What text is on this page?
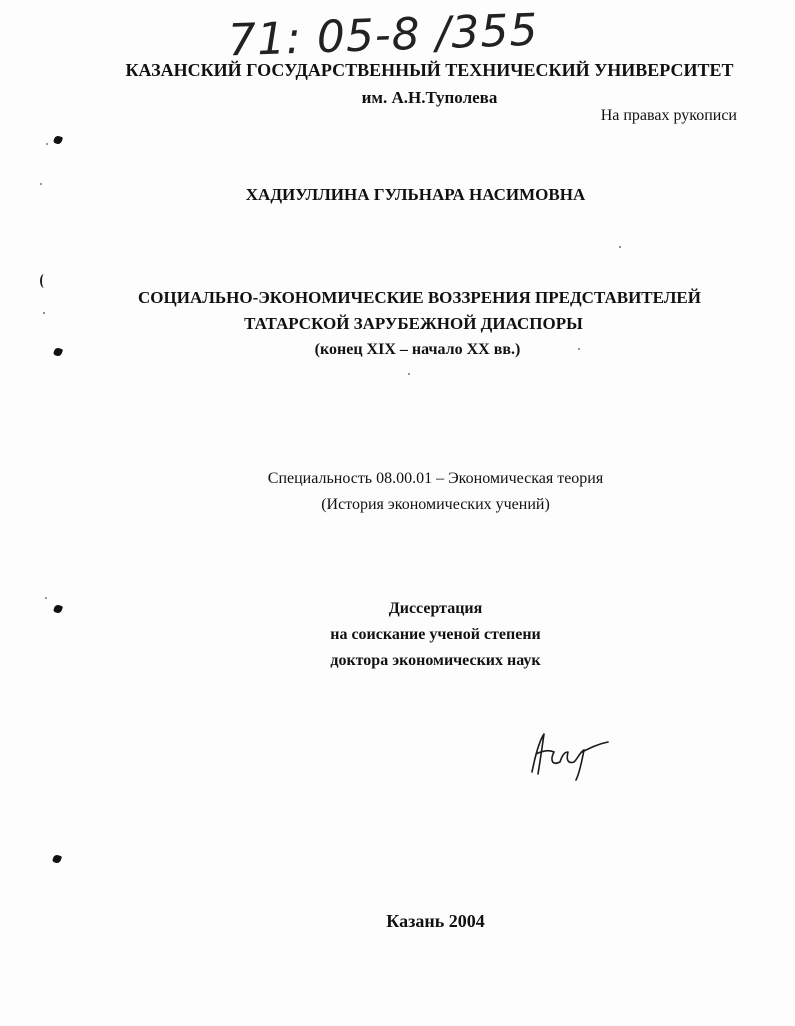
71: 05-8 /355
КАЗАНСКИЙ ГОСУДАРСТВЕННЫЙ ТЕХНИЧЕСКИЙ УНИВЕРСИТЕТ
им. А.Н.Туполева
На правах рукописи
ХАДИУЛЛИНА ГУЛЬНАРА НАСИМОВНА
СОЦИАЛЬНО-ЭКОНОМИЧЕСКИЕ ВОЗЗРЕНИЯ ПРЕДСТАВИТЕЛЕЙ
ТАТАРСКОЙ ЗАРУБЕЖНОЙ ДИАСПОРЫ
(конец XIX – начало XX вв.)
Специальность 08.00.01 – Экономическая теория
(История экономических учений)
Диссертация
на соискание ученой степени
доктора экономических наук
Казань 2004
